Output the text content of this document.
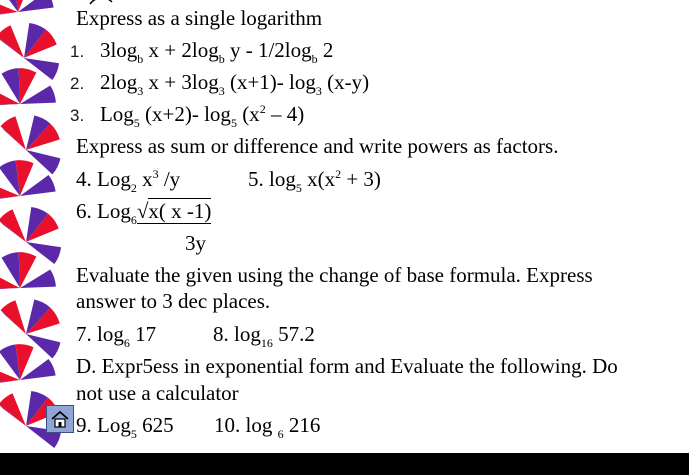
Express as a single logarithm
1. $3\log_b$ $x + 2\log_b$ y - $1/2\log_b$ 2
2. $2\log_3$ $x + 3\log_3$ (x+1)- $\log_3 (x-y)$
3. Log$_5$ (x+2)- $\log_5 (x^2 - 4)$
Express as sum or difference and write powers as factors.
4. Log$_2$ $x^3$ /y	5. $\log_5 x(x^2 + 3)$
6. Log$_6$√x( x -1)
3y
Evaluate the given using the change of base formula. Express
answer to 3 dec places.
7. $\log_6 17$	8. $\log_{16} 57.2$
D. Expr5ess in exponential form and Evaluate the following. Do
not use a calculator
9. Log$_5$ 625 10. log $_6$ 216
